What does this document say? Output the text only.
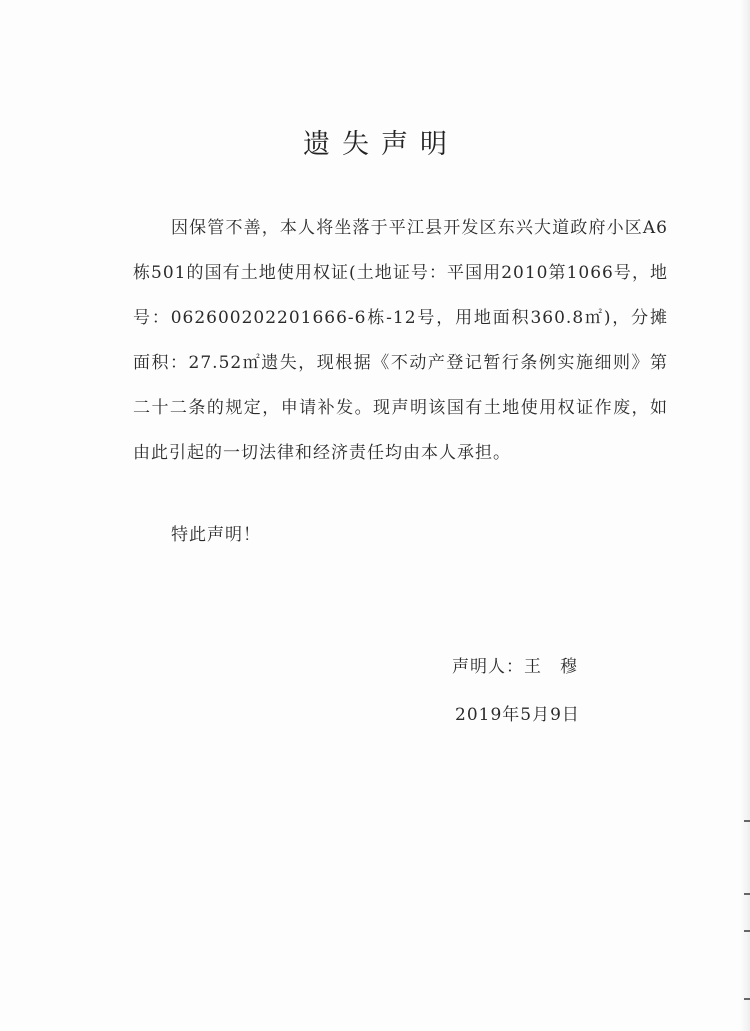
遗失声明

因保管不善，本人将坐落于平江县开发区东兴大道政府小区A6栋501的国有土地使用权证(土地证号：平国用2010第1066号，地号：062600202201666-6栋-12号，用地面积360.8㎡)，分摊面积：27.52㎡遗失，现根据《不动产登记暂行条例实施细则》第二十二条的规定，申请补发。现声明该国有土地使用权证作废，如由此引起的一切法律和经济责任均由本人承担。

特此声明！
声明人：王　穆
2019年5月9日
